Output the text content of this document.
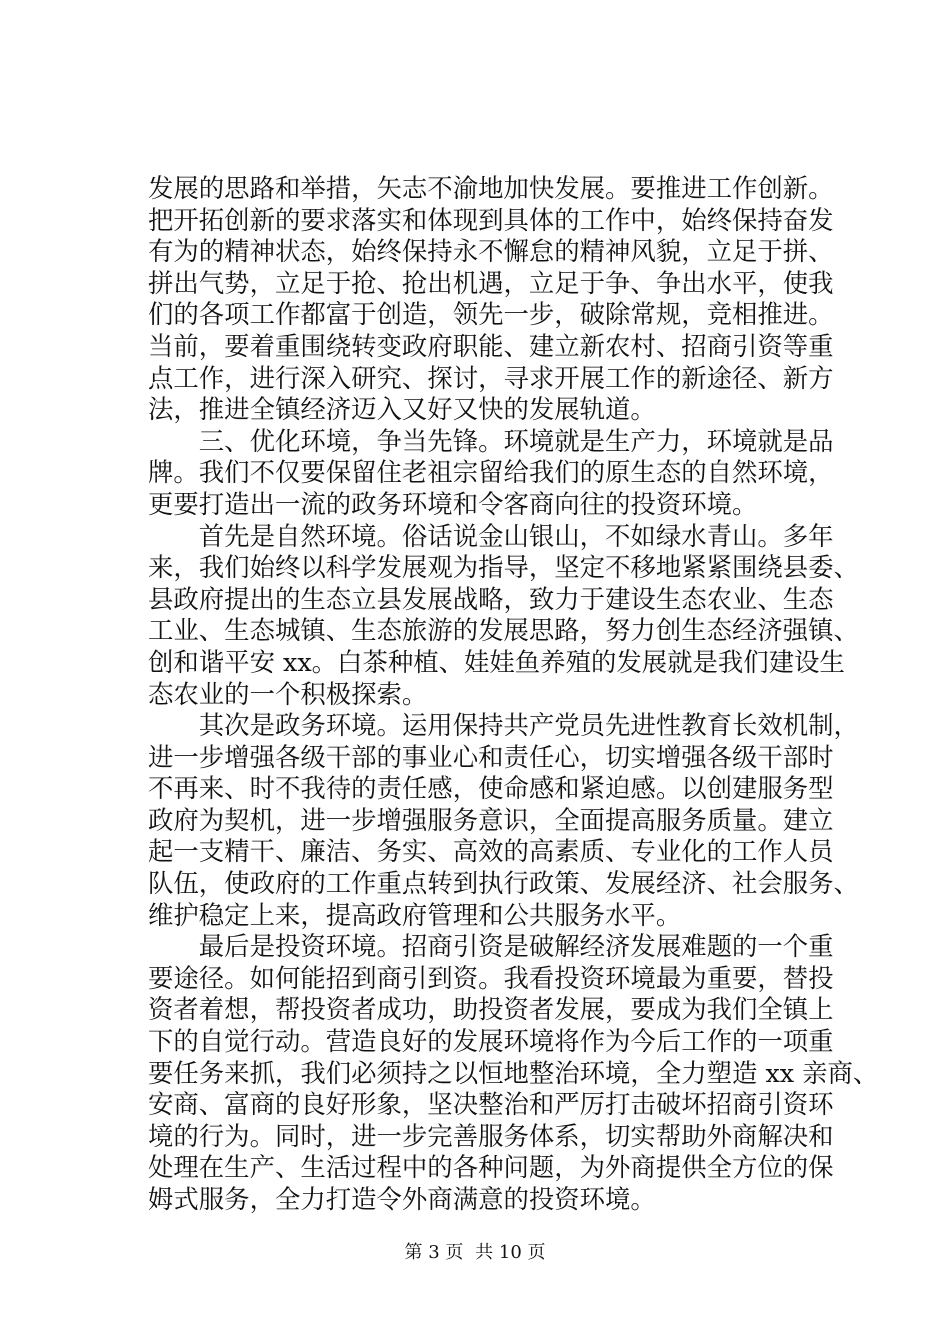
发展的思路和举措，矢志不渝地加快发展。要推进工作创新。
把开拓创新的要求落实和体现到具体的工作中，始终保持奋发
有为的精神状态，始终保持永不懈怠的精神风貌，立足于拼、
拼出气势，立足于抢、抢出机遇，立足于争、争出水平，使我
们的各项工作都富于创造，领先一步，破除常规，竞相推进。
当前，要着重围绕转变政府职能、建立新农村、招商引资等重
点工作，进行深入研究、探讨，寻求开展工作的新途径、新方
法，推进全镇经济迈入又好又快的发展轨道。
　　三、优化环境，争当先锋。环境就是生产力，环境就是品
牌。我们不仅要保留住老祖宗留给我们的原生态的自然环境，
更要打造出一流的政务环境和令客商向往的投资环境。
　　首先是自然环境。俗话说金山银山，不如绿水青山。多年
来，我们始终以科学发展观为指导，坚定不移地紧紧围绕县委、
县政府提出的生态立县发展战略，致力于建设生态农业、生态
工业、生态城镇、生态旅游的发展思路，努力创生态经济强镇、
创和谐平安 xx。白茶种植、娃娃鱼养殖的发展就是我们建设生
态农业的一个积极探索。
　　其次是政务环境。运用保持共产党员先进性教育长效机制，
进一步增强各级干部的事业心和责任心，切实增强各级干部时
不再来、时不我待的责任感，使命感和紧迫感。以创建服务型
政府为契机，进一步增强服务意识，全面提高服务质量。建立
起一支精干、廉洁、务实、高效的高素质、专业化的工作人员
队伍，使政府的工作重点转到执行政策、发展经济、社会服务、
维护稳定上来，提高政府管理和公共服务水平。
　　最后是投资环境。招商引资是破解经济发展难题的一个重
要途径。如何能招到商引到资。我看投资环境最为重要，替投
资者着想，帮投资者成功，助投资者发展，要成为我们全镇上
下的自觉行动。营造良好的发展环境将作为今后工作的一项重
要任务来抓，我们必须持之以恒地整治环境，全力塑造 xx 亲商、
安商、富商的良好形象，坚决整治和严厉打击破坏招商引资环
境的行为。同时，进一步完善服务体系，切实帮助外商解决和
处理在生产、生活过程中的各种问题，为外商提供全方位的保
姆式服务，全力打造令外商满意的投资环境。
第 3 页 共 10 页
